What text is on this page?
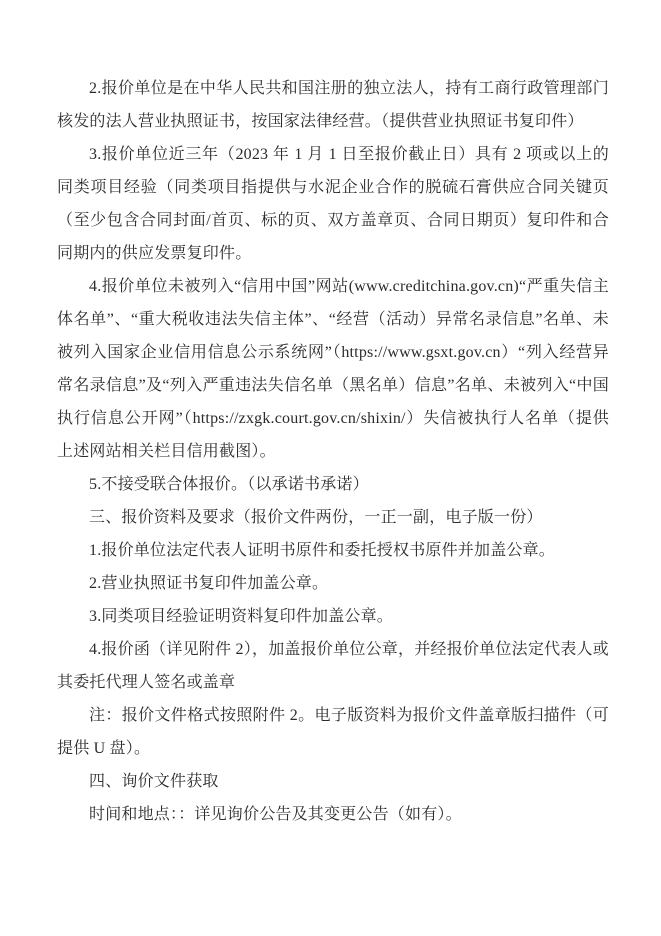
2.报价单位是在中华人民共和国注册的独立法人，持有工商行政管理部门核发的法人营业执照证书，按国家法律经营。（提供营业执照证书复印件）

3.报价单位近三年（2023 年 1 月 1 日至报价截止日）具有 2 项或以上的同类项目经验（同类项目指提供与水泥企业合作的脱硫石膏供应合同关键页（至少包含合同封面/首页、标的页、双方盖章页、合同日期页）复印件和合同期内的供应发票复印件。

4.报价单位未被列入“信用中国”网站(www.creditchina.gov.cn)“严重失信主体名单”、“重大税收违法失信主体”、“经营（活动）异常名录信息”名单、未被列入国家企业信用信息公示系统网”（https://www.gsxt.gov.cn）“列入经营异常名录信息”及“列入严重违法失信名单（黑名单）信息”名单、未被列入“中国执行信息公开网”（https://zxgk.court.gov.cn/shixin/）失信被执行人名单（提供上述网站相关栏目信用截图）。

5.不接受联合体报价。（以承诺书承诺）

三、报价资料及要求（报价文件两份，一正一副，电子版一份）

1.报价单位法定代表人证明书原件和委托授权书原件并加盖公章。

2.营业执照证书复印件加盖公章。

3.同类项目经验证明资料复印件加盖公章。

4.报价函（详见附件 2），加盖报价单位公章，并经报价单位法定代表人或其委托代理人签名或盖章

注：报价文件格式按照附件 2。电子版资料为报价文件盖章版扫描件（可提供 U 盘）。

四、询价文件获取

时间和地点：：详见询价公告及其变更公告（如有）。
